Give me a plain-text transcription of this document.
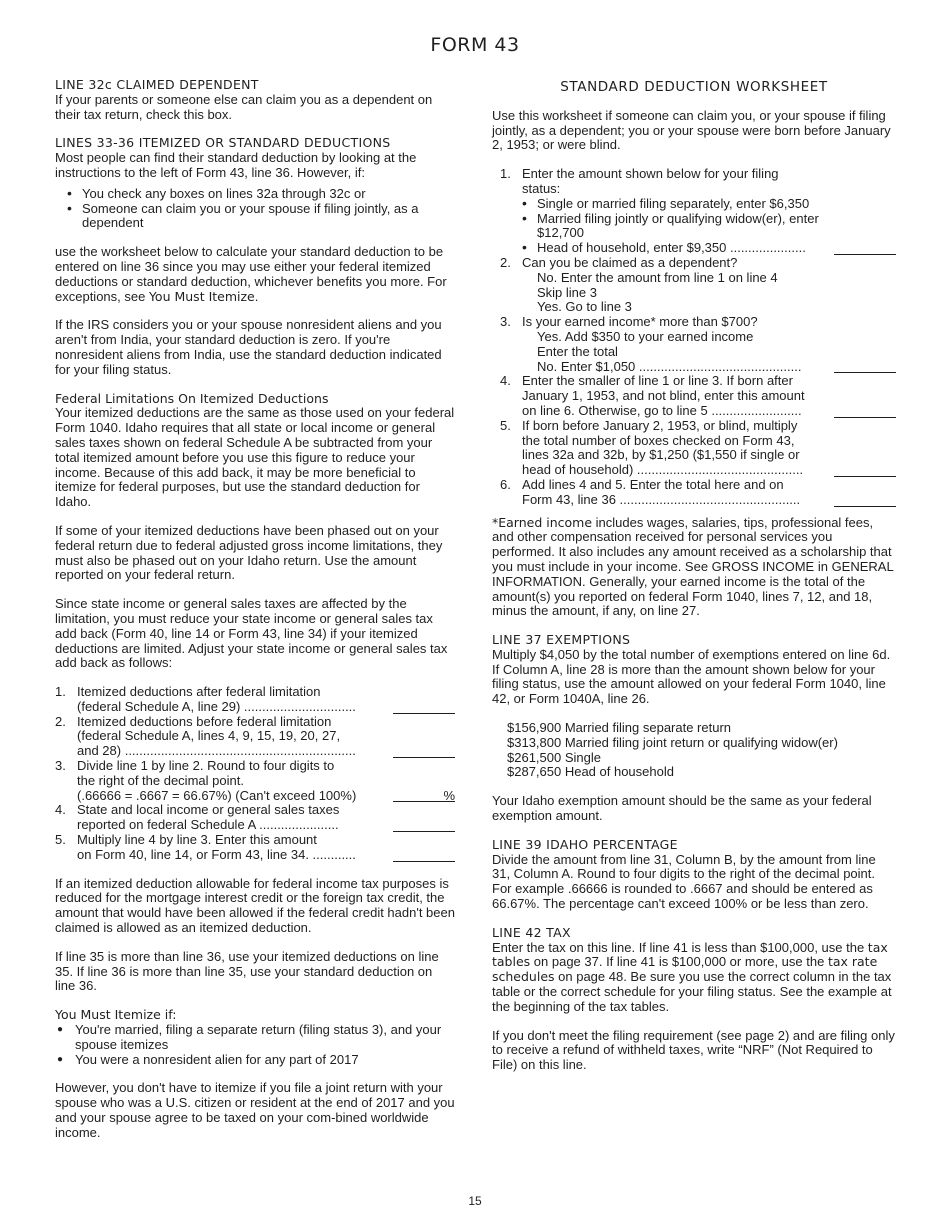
FORM 43

LINE 32c CLAIMED DEPENDENT

If your parents or someone else can claim you as a dependent on their tax return, check this box.

LINES 33-36 ITEMIZED OR STANDARD DEDUCTIONS

Most people can find their standard deduction by looking at the instructions to the left of Form 43, line 36. However, if:

• You check any boxes on lines 32a through 32c or
• Someone can claim you or your spouse if filing jointly, as a dependent

use the worksheet below to calculate your standard deduction to be entered on line 36 since you may use either your federal itemized deductions or standard deduction, whichever benefits you more. For exceptions, see You Must Itemize.

If the IRS considers you or your spouse nonresident aliens and you aren't from India, your standard deduction is zero. If you're nonresident aliens from India, use the standard deduction indicated for your filing status.

Federal Limitations On Itemized Deductions

Your itemized deductions are the same as those used on your federal Form 1040. Idaho requires that all state or local income or general sales taxes shown on federal Schedule A be subtracted from your total itemized amount before you use this figure to reduce your income. Because of this add back, it may be more beneficial to itemize for federal purposes, but use the standard deduction for Idaho.

If some of your itemized deductions have been phased out on your federal return due to federal adjusted gross income limitations, they must also be phased out on your Idaho return. Use the amount reported on your federal return.

Since state income or general sales taxes are affected by the limitation, you must reduce your state income or general sales tax add back (Form 40, line 14 or Form 43, line 34) if your itemized deductions are limited. Adjust your state income or general sales tax add back as follows:

1. Itemized deductions after federal limitation
(federal Schedule A, line 29) ...............................
2. Itemized deductions before federal limitation
(federal Schedule A, lines 4, 9, 15, 19, 20, 27,
and 28) ................................................................
3. Divide line 1 by line 2. Round to four digits to
the right of the decimal point.
(.66666 = .6667 = 66.67%) (Can't exceed 100%)	%
4. State and local income or general sales taxes
reported on federal Schedule A ......................
5. Multiply line 4 by line 3. Enter this amount
on Form 40, line 14, or Form 43, line 34. ............

If an itemized deduction allowable for federal income tax purposes is reduced for the mortgage interest credit or the foreign tax credit, the amount that would have been allowed if the federal credit hadn't been claimed is allowed as an itemized deduction.

If line 35 is more than line 36, use your itemized deductions on line 35. If line 36 is more than line 35, use your standard deduction on line 36.

You Must Itemize if:

● You're married, filing a separate return (filing status 3), and your spouse itemizes
● You were a nonresident alien for any part of 2017

However, you don't have to itemize if you file a joint return with your spouse who was a U.S. citizen or resident at the end of 2017 and you and your spouse agree to be taxed on your com-bined worldwide income.

STANDARD DEDUCTION WORKSHEET

Use this worksheet if someone can claim you, or your spouse if filing jointly, as a dependent; you or your spouse were born before January 2, 1953; or were blind.

1. Enter the amount shown below for your filing
status:
• Single or married filing separately, enter $6,350
• Married filing jointly or qualifying widow(er), enter $12,700
• Head of household, enter $9,350 .....................
2. Can you be claimed as a dependent?
No. Enter the amount from line 1 on line 4
Skip line 3
Yes. Go to line 3
3. Is your earned income* more than $700?
Yes. Add $350 to your earned income
Enter the total
No. Enter $1,050 .............................................
4. Enter the smaller of line 1 or line 3. If born after
January 1, 1953, and not blind, enter this amount
on line 6. Otherwise, go to line 5 .........................
5. If born before January 2, 1953, or blind, multiply
the total number of boxes checked on Form 43,
lines 32a and 32b, by $1,250 ($1,550 if single or
head of household) ..............................................
6. Add lines 4 and 5. Enter the total here and on
Form 43, line 36 ..................................................

*Earned income includes wages, salaries, tips, professional fees, and other compensation received for personal services you performed. It also includes any amount received as a scholarship that you must include in your income. See GROSS INCOME in GENERAL INFORMATION. Generally, your earned income is the total of the amount(s) you reported on federal Form 1040, lines 7, 12, and 18, minus the amount, if any, on line 27.

LINE 37 EXEMPTIONS

Multiply $4,050 by the total number of exemptions entered on line 6d. If Column A, line 28 is more than the amount shown below for your filing status, use the amount allowed on your federal Form 1040, line 42, or Form 1040A, line 26.

$156,900 Married filing separate return
$313,800 Married filing joint return or qualifying widow(er)
$261,500 Single
$287,650 Head of household

Your Idaho exemption amount should be the same as your federal exemption amount.

LINE 39 IDAHO PERCENTAGE

Divide the amount from line 31, Column B, by the amount from line 31, Column A. Round to four digits to the right of the decimal point. For example .66666 is rounded to .6667 and should be entered as 66.67%. The percentage can't exceed 100% or be less than zero.

LINE 42 TAX

Enter the tax on this line. If line 41 is less than $100,000, use the tax tables on page 37. If line 41 is $100,000 or more, use the tax rate schedules on page 48. Be sure you use the correct column in the tax table or the correct schedule for your filing status. See the example at the beginning of the tax tables.

If you don't meet the filing requirement (see page 2) and are filing only to receive a refund of withheld taxes, write “NRF” (Not Required to File) on this line.

15
